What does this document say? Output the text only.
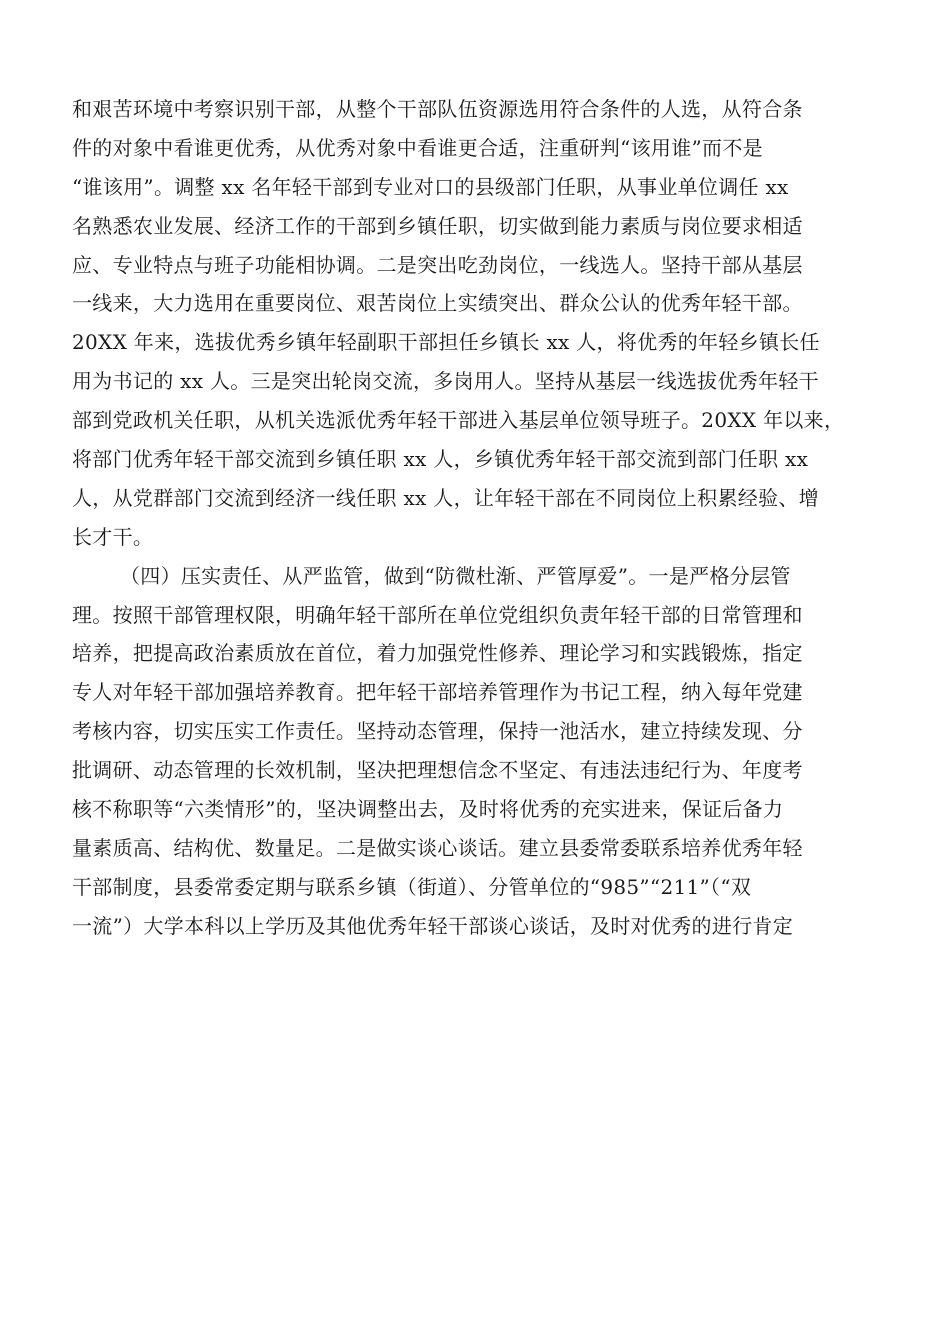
和艰苦环境中考察识别干部，从整个干部队伍资源选用符合条件的人选，从符合条
件的对象中看谁更优秀，从优秀对象中看谁更合适，注重研判“该用谁”而不是
“谁该用”。调整 xx 名年轻干部到专业对口的县级部门任职，从事业单位调任 xx
名熟悉农业发展、经济工作的干部到乡镇任职，切实做到能力素质与岗位要求相适
应、专业特点与班子功能相协调。二是突出吃劲岗位，一线选人。坚持干部从基层
一线来，大力选用在重要岗位、艰苦岗位上实绩突出、群众公认的优秀年轻干部。
20XX 年来，选拔优秀乡镇年轻副职干部担任乡镇长 xx 人，将优秀的年轻乡镇长任
用为书记的 xx 人。三是突出轮岗交流，多岗用人。坚持从基层一线选拔优秀年轻干
部到党政机关任职，从机关选派优秀年轻干部进入基层单位领导班子。20XX 年以来，
将部门优秀年轻干部交流到乡镇任职 xx 人，乡镇优秀年轻干部交流到部门任职 xx
人，从党群部门交流到经济一线任职 xx 人，让年轻干部在不同岗位上积累经验、增
长才干。
（四）压实责任、从严监管，做到“防微杜渐、严管厚爱”。一是严格分层管
理。按照干部管理权限，明确年轻干部所在单位党组织负责年轻干部的日常管理和
培养，把提高政治素质放在首位，着力加强党性修养、理论学习和实践锻炼，指定
专人对年轻干部加强培养教育。把年轻干部培养管理作为书记工程，纳入每年党建
考核内容，切实压实工作责任。坚持动态管理，保持一池活水，建立持续发现、分
批调研、动态管理的长效机制，坚决把理想信念不坚定、有违法违纪行为、年度考
核不称职等“六类情形”的，坚决调整出去，及时将优秀的充实进来，保证后备力
量素质高、结构优、数量足。二是做实谈心谈话。建立县委常委联系培养优秀年轻
干部制度，县委常委定期与联系乡镇（街道）、分管单位的“985”“211”（“双
一流”）大学本科以上学历及其他优秀年轻干部谈心谈话，及时对优秀的进行肯定
